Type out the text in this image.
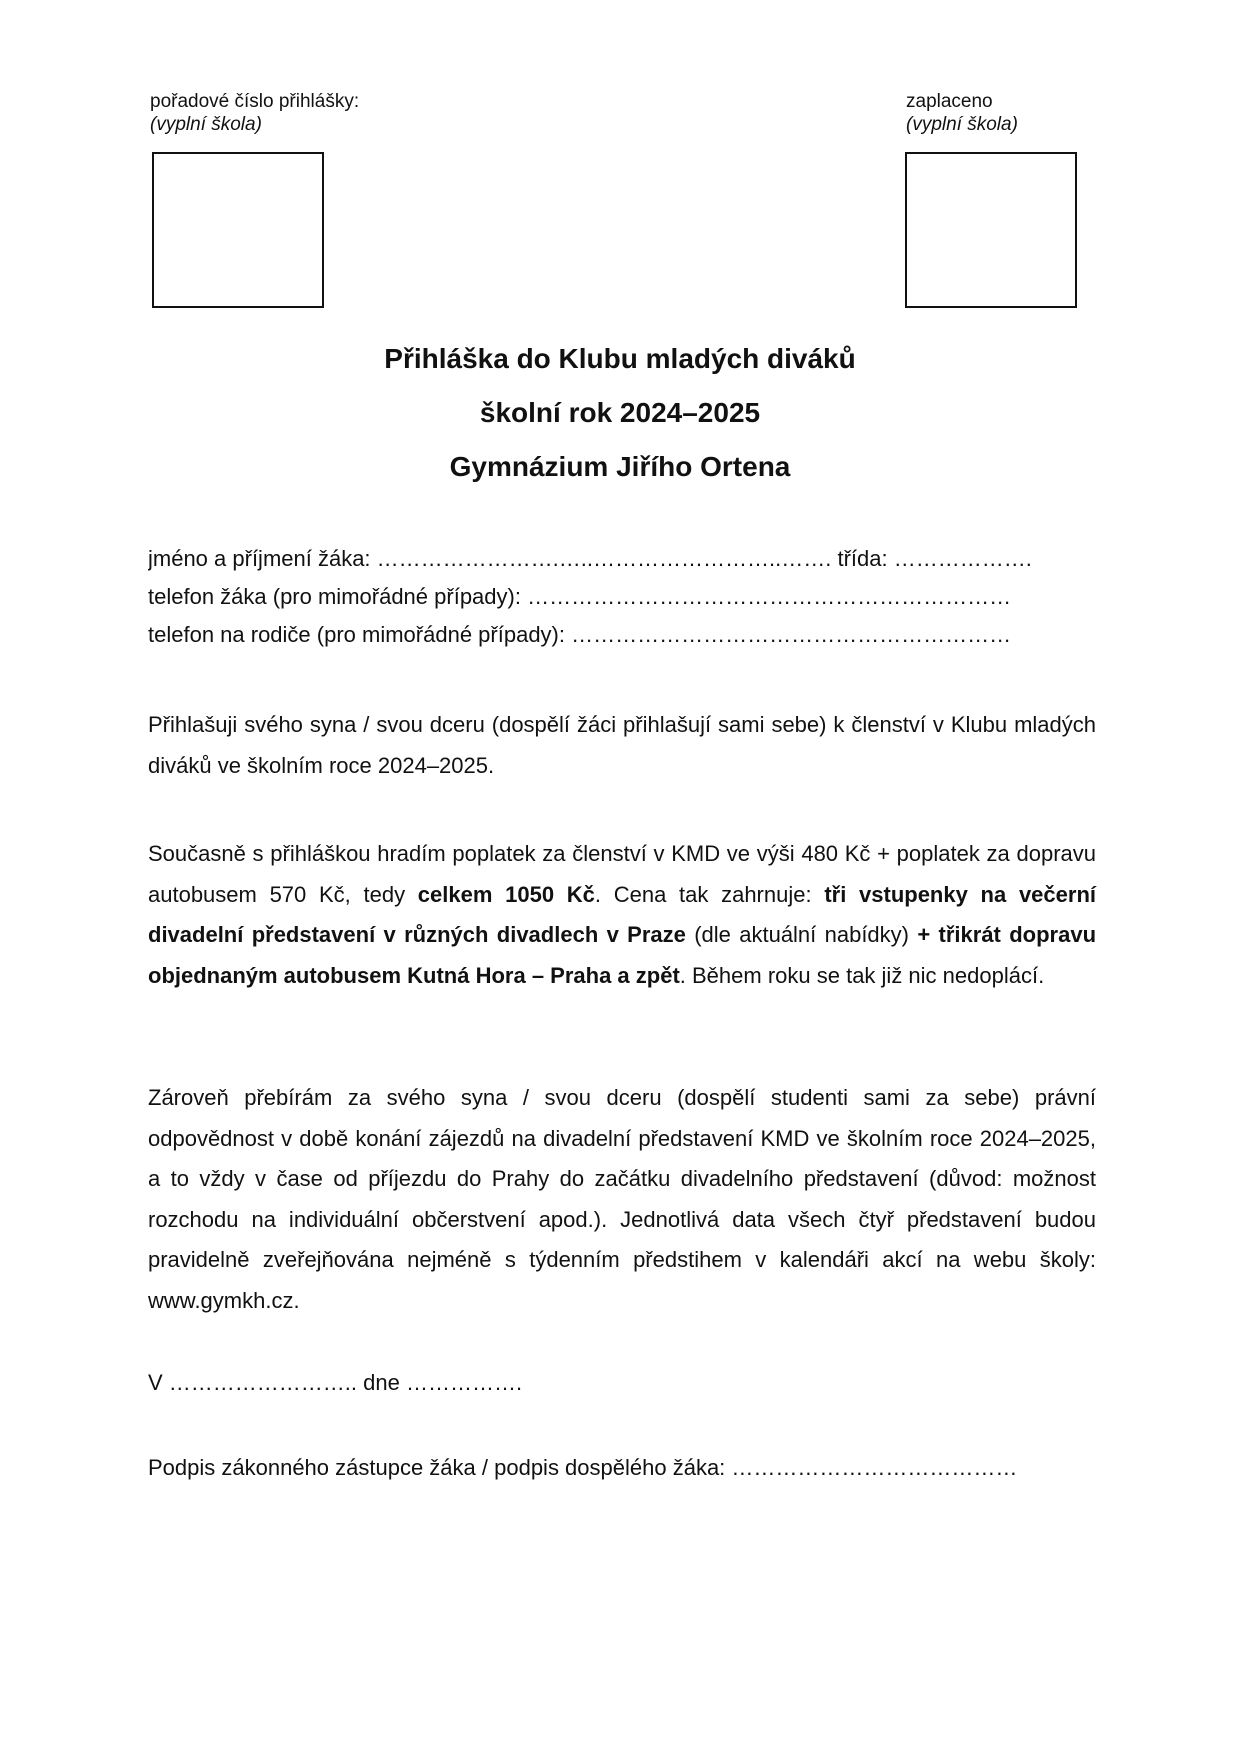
pořadové číslo přihlášky:
(vyplní škola)
zaplaceno
(vyplní škola)
Přihláška do Klubu mladých diváků
školní rok 2024–2025
Gymnázium Jiřího Ortena
jméno a příjmení žáka: …………………….…..……………………..……. třída: ……………….
telefon žáka (pro mimořádné případy): …………………………………………………………
telefon na rodiče (pro mimořádné případy): ……………………………………………………
Přihlašuji svého syna / svou dceru (dospělí žáci přihlašují sami sebe) k členství v Klubu mladých diváků ve školním roce 2024–2025.
Současně s přihláškou hradím poplatek za členství v KMD ve výši 480 Kč + poplatek za dopravu autobusem 570 Kč, tedy celkem 1050 Kč. Cena tak zahrnuje: tři vstupenky na večerní divadelní představení v různých divadlech v Praze (dle aktuální nabídky) + třikrát dopravu objednaným autobusem Kutná Hora – Praha a zpět. Během roku se tak již nic nedoplácí.
Zároveň přebírám za svého syna / svou dceru (dospělí studenti sami za sebe) právní odpovědnost v době konání zájezdů na divadelní představení KMD ve školním roce 2024–2025, a to vždy v čase od příjezdu do Prahy do začátku divadelního představení (důvod: možnost rozchodu na individuální občerstvení apod.). Jednotlivá data všech čtyř představení budou pravidelně zveřejňována nejméně s týdenním předstihem v kalendáři akcí na webu školy: www.gymkh.cz.
V …………………….. dne …………….
Podpis zákonného zástupce žáka / podpis dospělého žáka: …………………………………
